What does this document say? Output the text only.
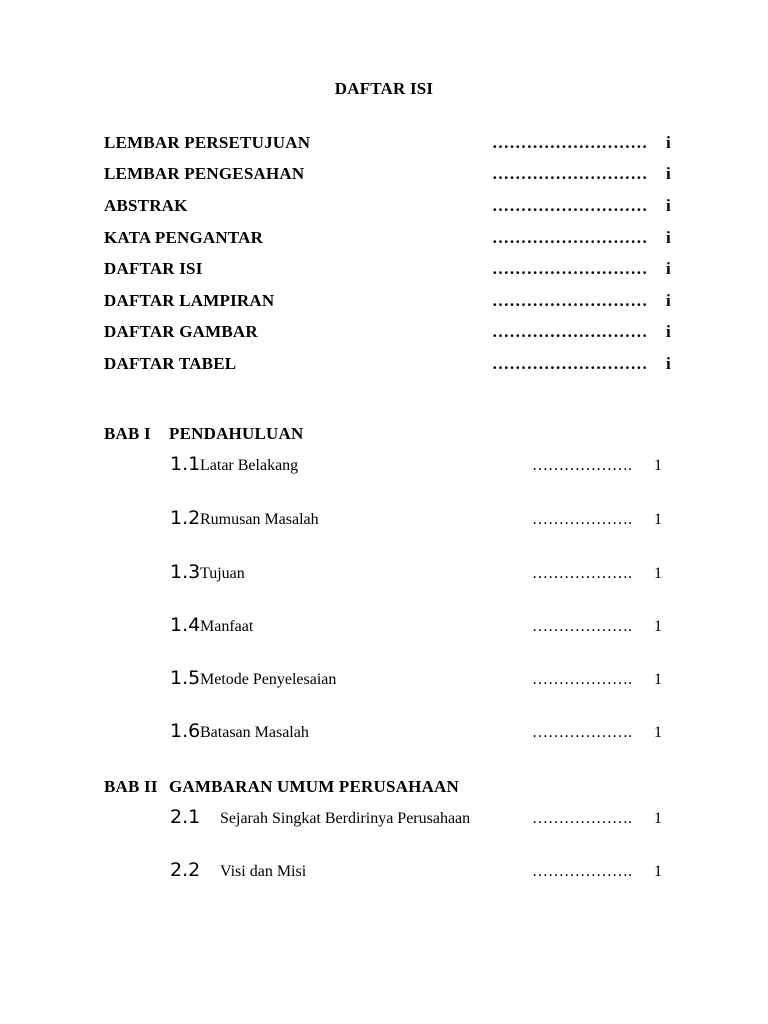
DAFTAR ISI
LEMBAR PERSETUJUAN	……………………… i
LEMBAR PENGESAHAN	……………………… i
ABSTRAK	……………………… i
KATA PENGANTAR	……………………… i
DAFTAR ISI	……………………… i
DAFTAR LAMPIRAN	……………………… i
DAFTAR GAMBAR	……………………… i
DAFTAR TABEL	……………………… i
BAB I PENDAHULUAN
1.1 Latar Belakang	………………. 1
1.2 Rumusan Masalah	………………. 1
1.3 Tujuan	………………. 1
1.4 Manfaat	………………. 1
1.5 Metode Penyelesaian	………………. 1
1.6 Batasan Masalah	………………. 1
BAB II GAMBARAN UMUM PERUSAHAAN
2.1 Sejarah Singkat Berdirinya Perusahaan	………………. 1
2.2 Visi dan Misi	………………. 1
